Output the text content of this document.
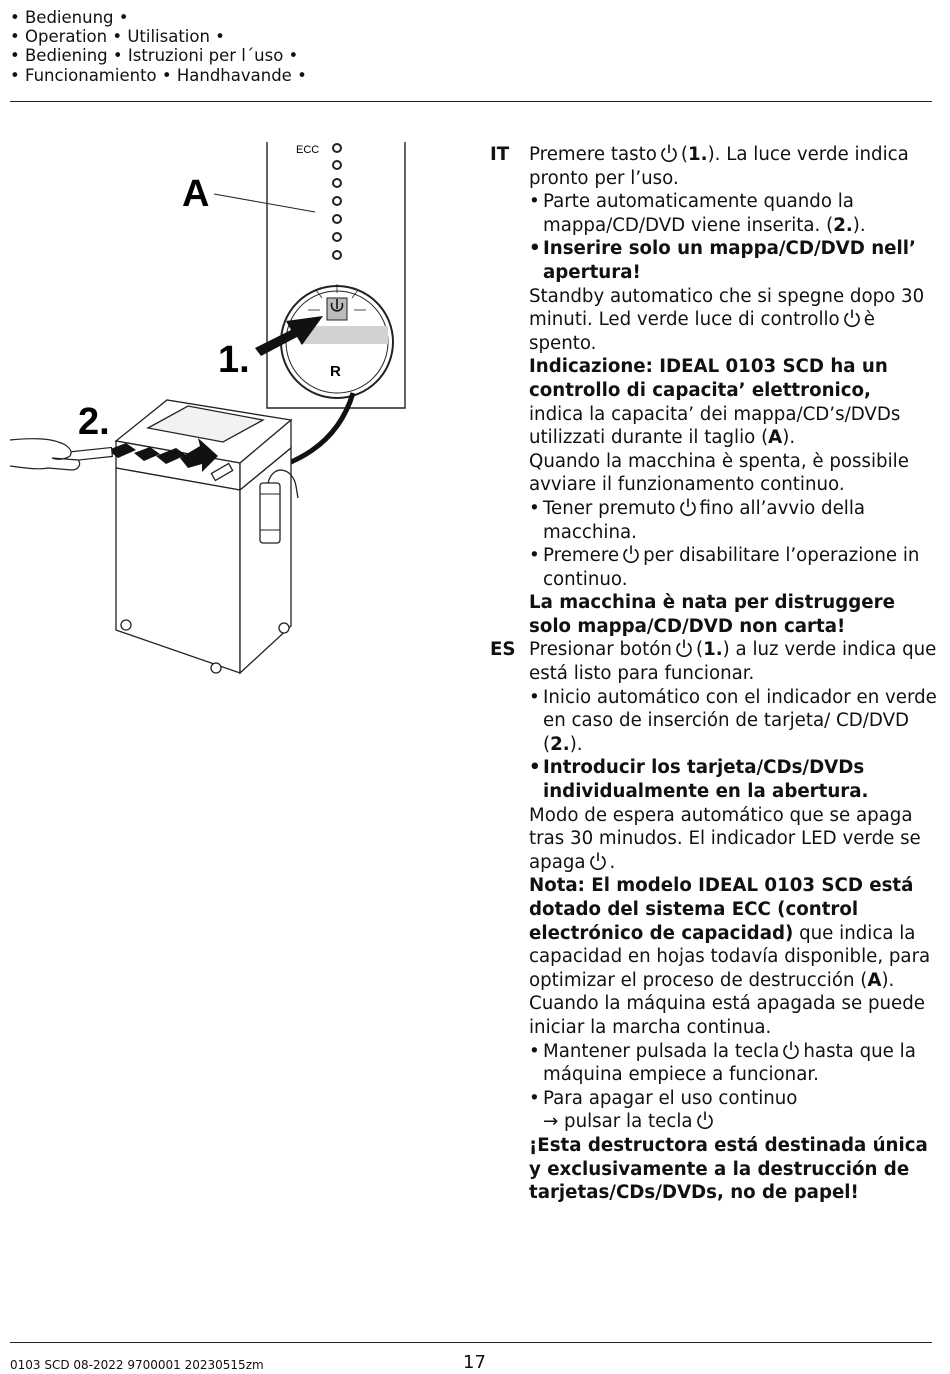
• Bedienung •
• Operation • Utilisation •
• Bediening • Istruzioni per l´uso •
• Funcionamiento • Handhavande •
ECC
A
R
1.
2.
IT	Premere tasto (1.). La luce verde indica pronto per l’uso.

• Parte automaticamente quando la mappa/CD/DVD viene inserita. (2.).

• Inserire solo un mappa/CD/DVD nell’ apertura!

Standby automatico che si spegne dopo 30 minuti. Led verde luce di controllo è spento.

Indicazione: IDEAL 0103 SCD ha un controllo di capacita’ elettronico,

indica la capacita’ dei mappa/CD’s/DVDs utilizzati durante il taglio (A).

Quando la macchina è spenta, è possibile avviare il funzionamento continuo.

• Tener premuto fino all’avvio della macchina.

• Premere per disabilitare l’operazione in continuo.

La macchina è nata per distruggere solo mappa/CD/DVD non carta!

ES Presionar botón (1.) a luz verde indica que está listo para funcionar.

• Inicio automático con el indicador en verde en caso de inserción de tarjeta/ CD/DVD (2.).

• Introducir los tarjeta/CDs/DVDs individualmente en la abertura.

Modo de espera automático que se apaga tras 30 minudos. El indicador LED verde se apaga .

Nota: El modelo IDEAL 0103 SCD está dotado del sistema ECC (control electrónico de capacidad) que indica la capacidad en hojas todavía disponible, para optimizar el proceso de destrucción (A).

Cuando la máquina está apagada se puede iniciar la marcha continua.

• Mantener pulsada la tecla hasta que la máquina empiece a funcionar.

• Para apagar el uso continuo

→ pulsar la tecla

¡Esta destructora está destinada única y exclusivamente a la destrucción de tarjetas/CDs/DVDs, no de papel!

0103 SCD 08-2022 9700001 20230515zm	17
